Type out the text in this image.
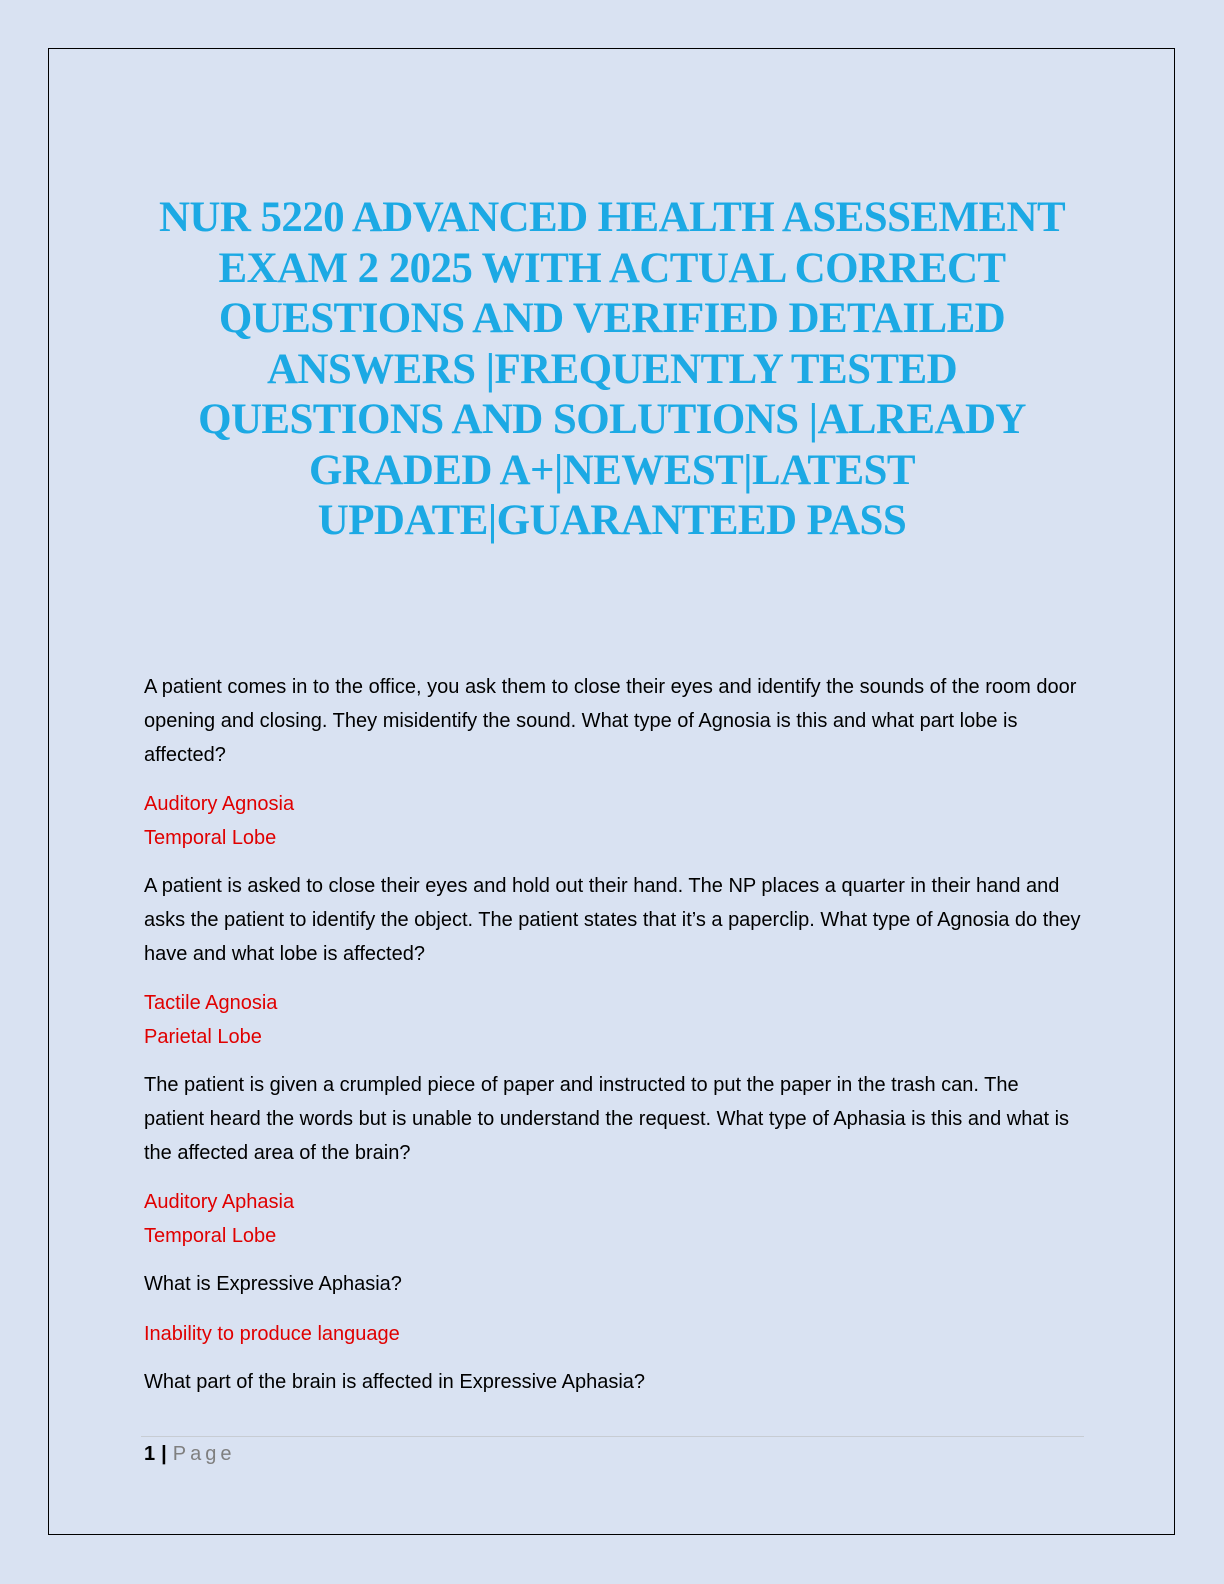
NUR 5220 ADVANCED HEALTH ASESSEMENT
EXAM 2 2025 WITH ACTUAL CORRECT
QUESTIONS AND VERIFIED DETAILED
ANSWERS |FREQUENTLY TESTED
QUESTIONS AND SOLUTIONS |ALREADY
GRADED A+|NEWEST|LATEST
UPDATE|GUARANTEED PASS

A patient comes in to the office, you ask them to close their eyes and identify the sounds of the room door opening and closing. They misidentify the sound. What type of Agnosia is this and what part lobe is affected?

Auditory Agnosia
Temporal Lobe

A patient is asked to close their eyes and hold out their hand. The NP places a quarter in their hand and asks the patient to identify the object. The patient states that it’s a paperclip. What type of Agnosia do they have and what lobe is affected?

Tactile Agnosia
Parietal Lobe

The patient is given a crumpled piece of paper and instructed to put the paper in the trash can. The patient heard the words but is unable to understand the request. What type of Aphasia is this and what is the affected area of the brain?

Auditory Aphasia
Temporal Lobe

What is Expressive Aphasia?

Inability to produce language

What part of the brain is affected in Expressive Aphasia?

1 | Page
